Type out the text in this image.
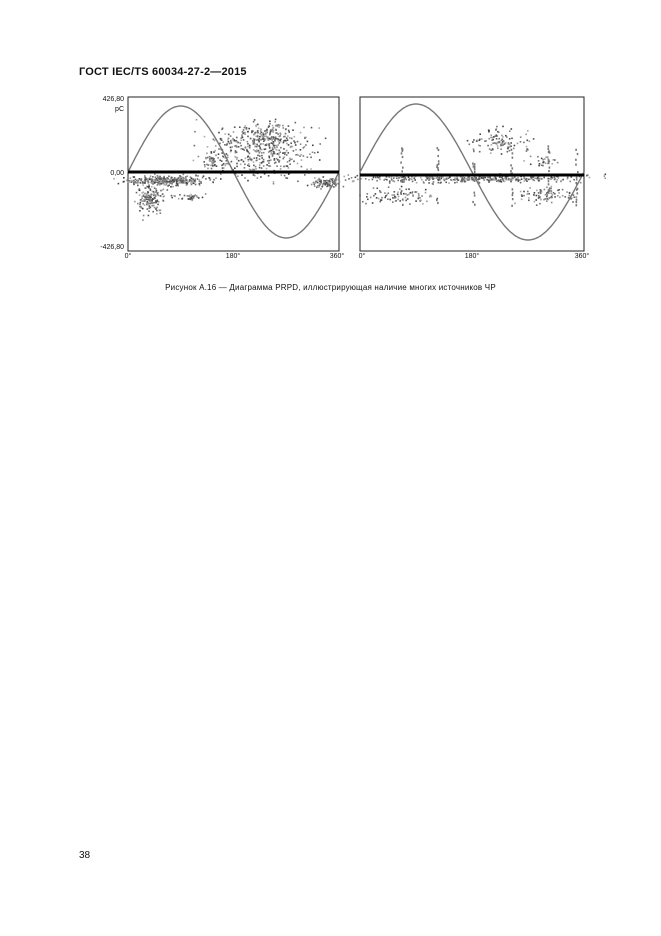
ГОСТ IEC/TS 60034-27-2—2015
426,80
pC
0,00
-426,80
0°	180°	360° 0°	180°	360°
Рисунок А.16 — Диаграмма PRPD, иллюстрирующая наличие многих источников ЧР
38
